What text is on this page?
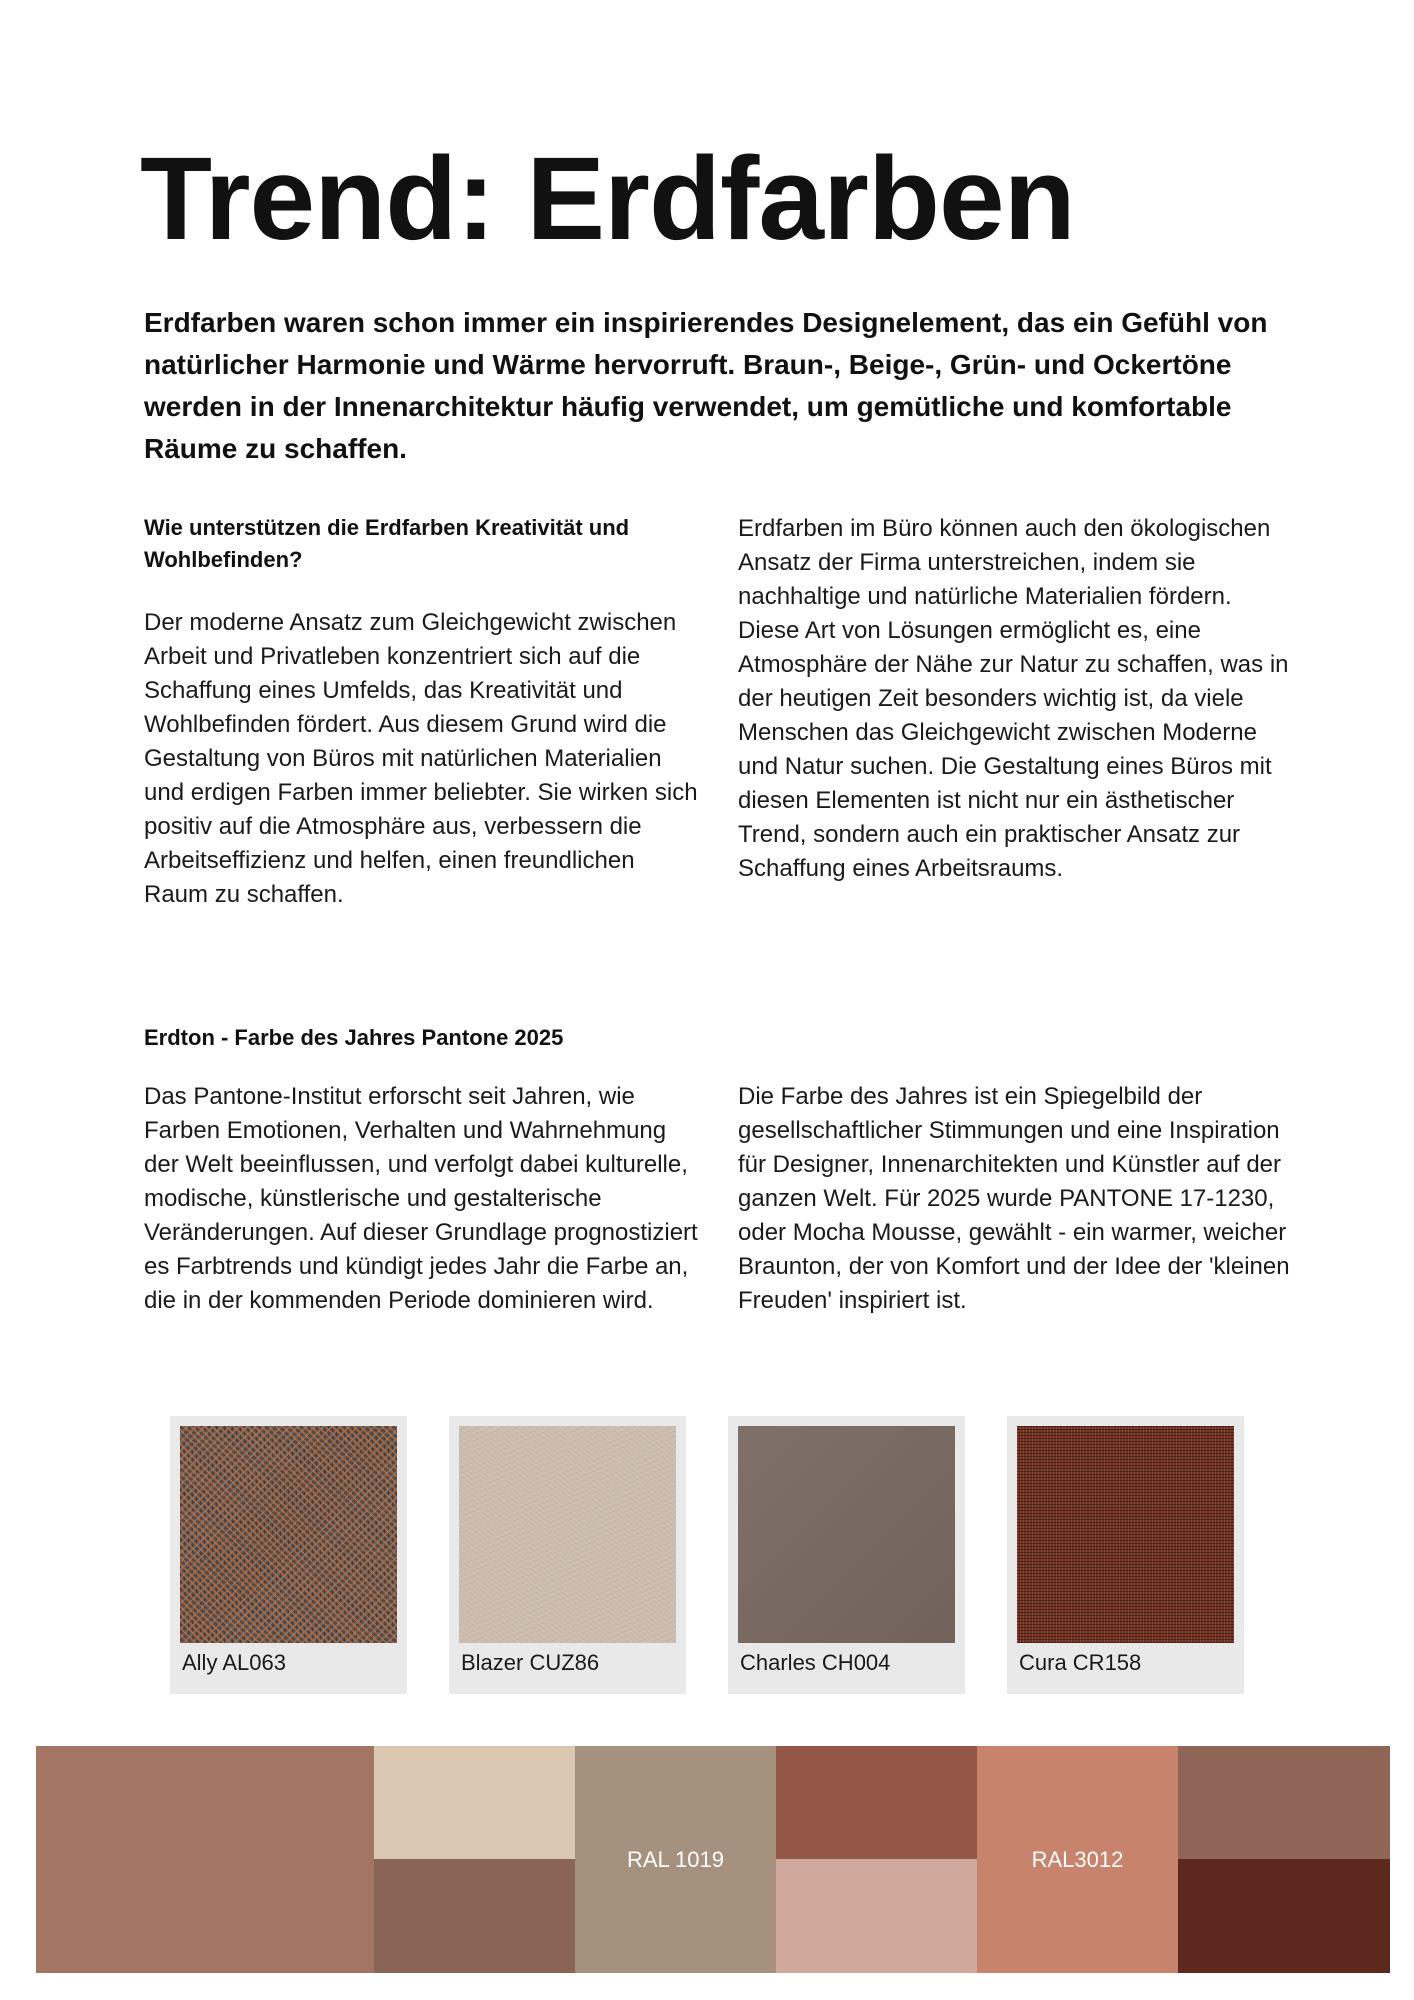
Trend: Erdfarben

Erdfarben waren schon immer ein inspirierendes Designelement, das ein Gefühl von natürlicher Harmonie und Wärme hervorruft. Braun-, Beige-, Grün- und Ockertöne werden in der Innenarchitektur häufig verwendet, um gemütliche und komfortable Räume zu schaffen.

Wie unterstützen die Erdfarben Kreativität und Wohlbefinden?

Der moderne Ansatz zum Gleichgewicht zwischen Arbeit und Privatleben konzentriert sich auf die Schaffung eines Umfelds, das Kreativität und Wohlbefinden fördert. Aus diesem Grund wird die Gestaltung von Büros mit natürlichen Materialien und erdigen Farben immer beliebter. Sie wirken sich positiv auf die Atmosphäre aus, verbessern die Arbeitseffizienz und helfen, einen freundlichen Raum zu schaffen.

Erdfarben im Büro können auch den ökologischen Ansatz der Firma unterstreichen, indem sie nachhaltige und natürliche Materialien fördern. Diese Art von Lösungen ermöglicht es, eine Atmosphäre der Nähe zur Natur zu schaffen, was in der heutigen Zeit besonders wichtig ist, da viele Menschen das Gleichgewicht zwischen Moderne und Natur suchen. Die Gestaltung eines Büros mit diesen Elementen ist nicht nur ein ästhetischer Trend, sondern auch ein praktischer Ansatz zur Schaffung eines Arbeitsraums.

Erdton - Farbe des Jahres Pantone 2025

Das Pantone-Institut erforscht seit Jahren, wie Farben Emotionen, Verhalten und Wahrnehmung der Welt beeinflussen, und verfolgt dabei kulturelle, modische, künstlerische und gestalterische Veränderungen. Auf dieser Grundlage prognostiziert es Farbtrends und kündigt jedes Jahr die Farbe an, die in der kommenden Periode dominieren wird.

Die Farbe des Jahres ist ein Spiegelbild der gesellschaftlicher Stimmungen und eine Inspiration für Designer, Innenarchitekten und Künstler auf der ganzen Welt. Für 2025 wurde PANTONE 17-1230, oder Mocha Mousse, gewählt - ein warmer, weicher Braunton, der von Komfort und der Idee der 'kleinen Freuden' inspiriert ist.

Ally AL063	Blazer CUZ86	Charles CH004	Cura CR158
RAL 1019	RAL3012
